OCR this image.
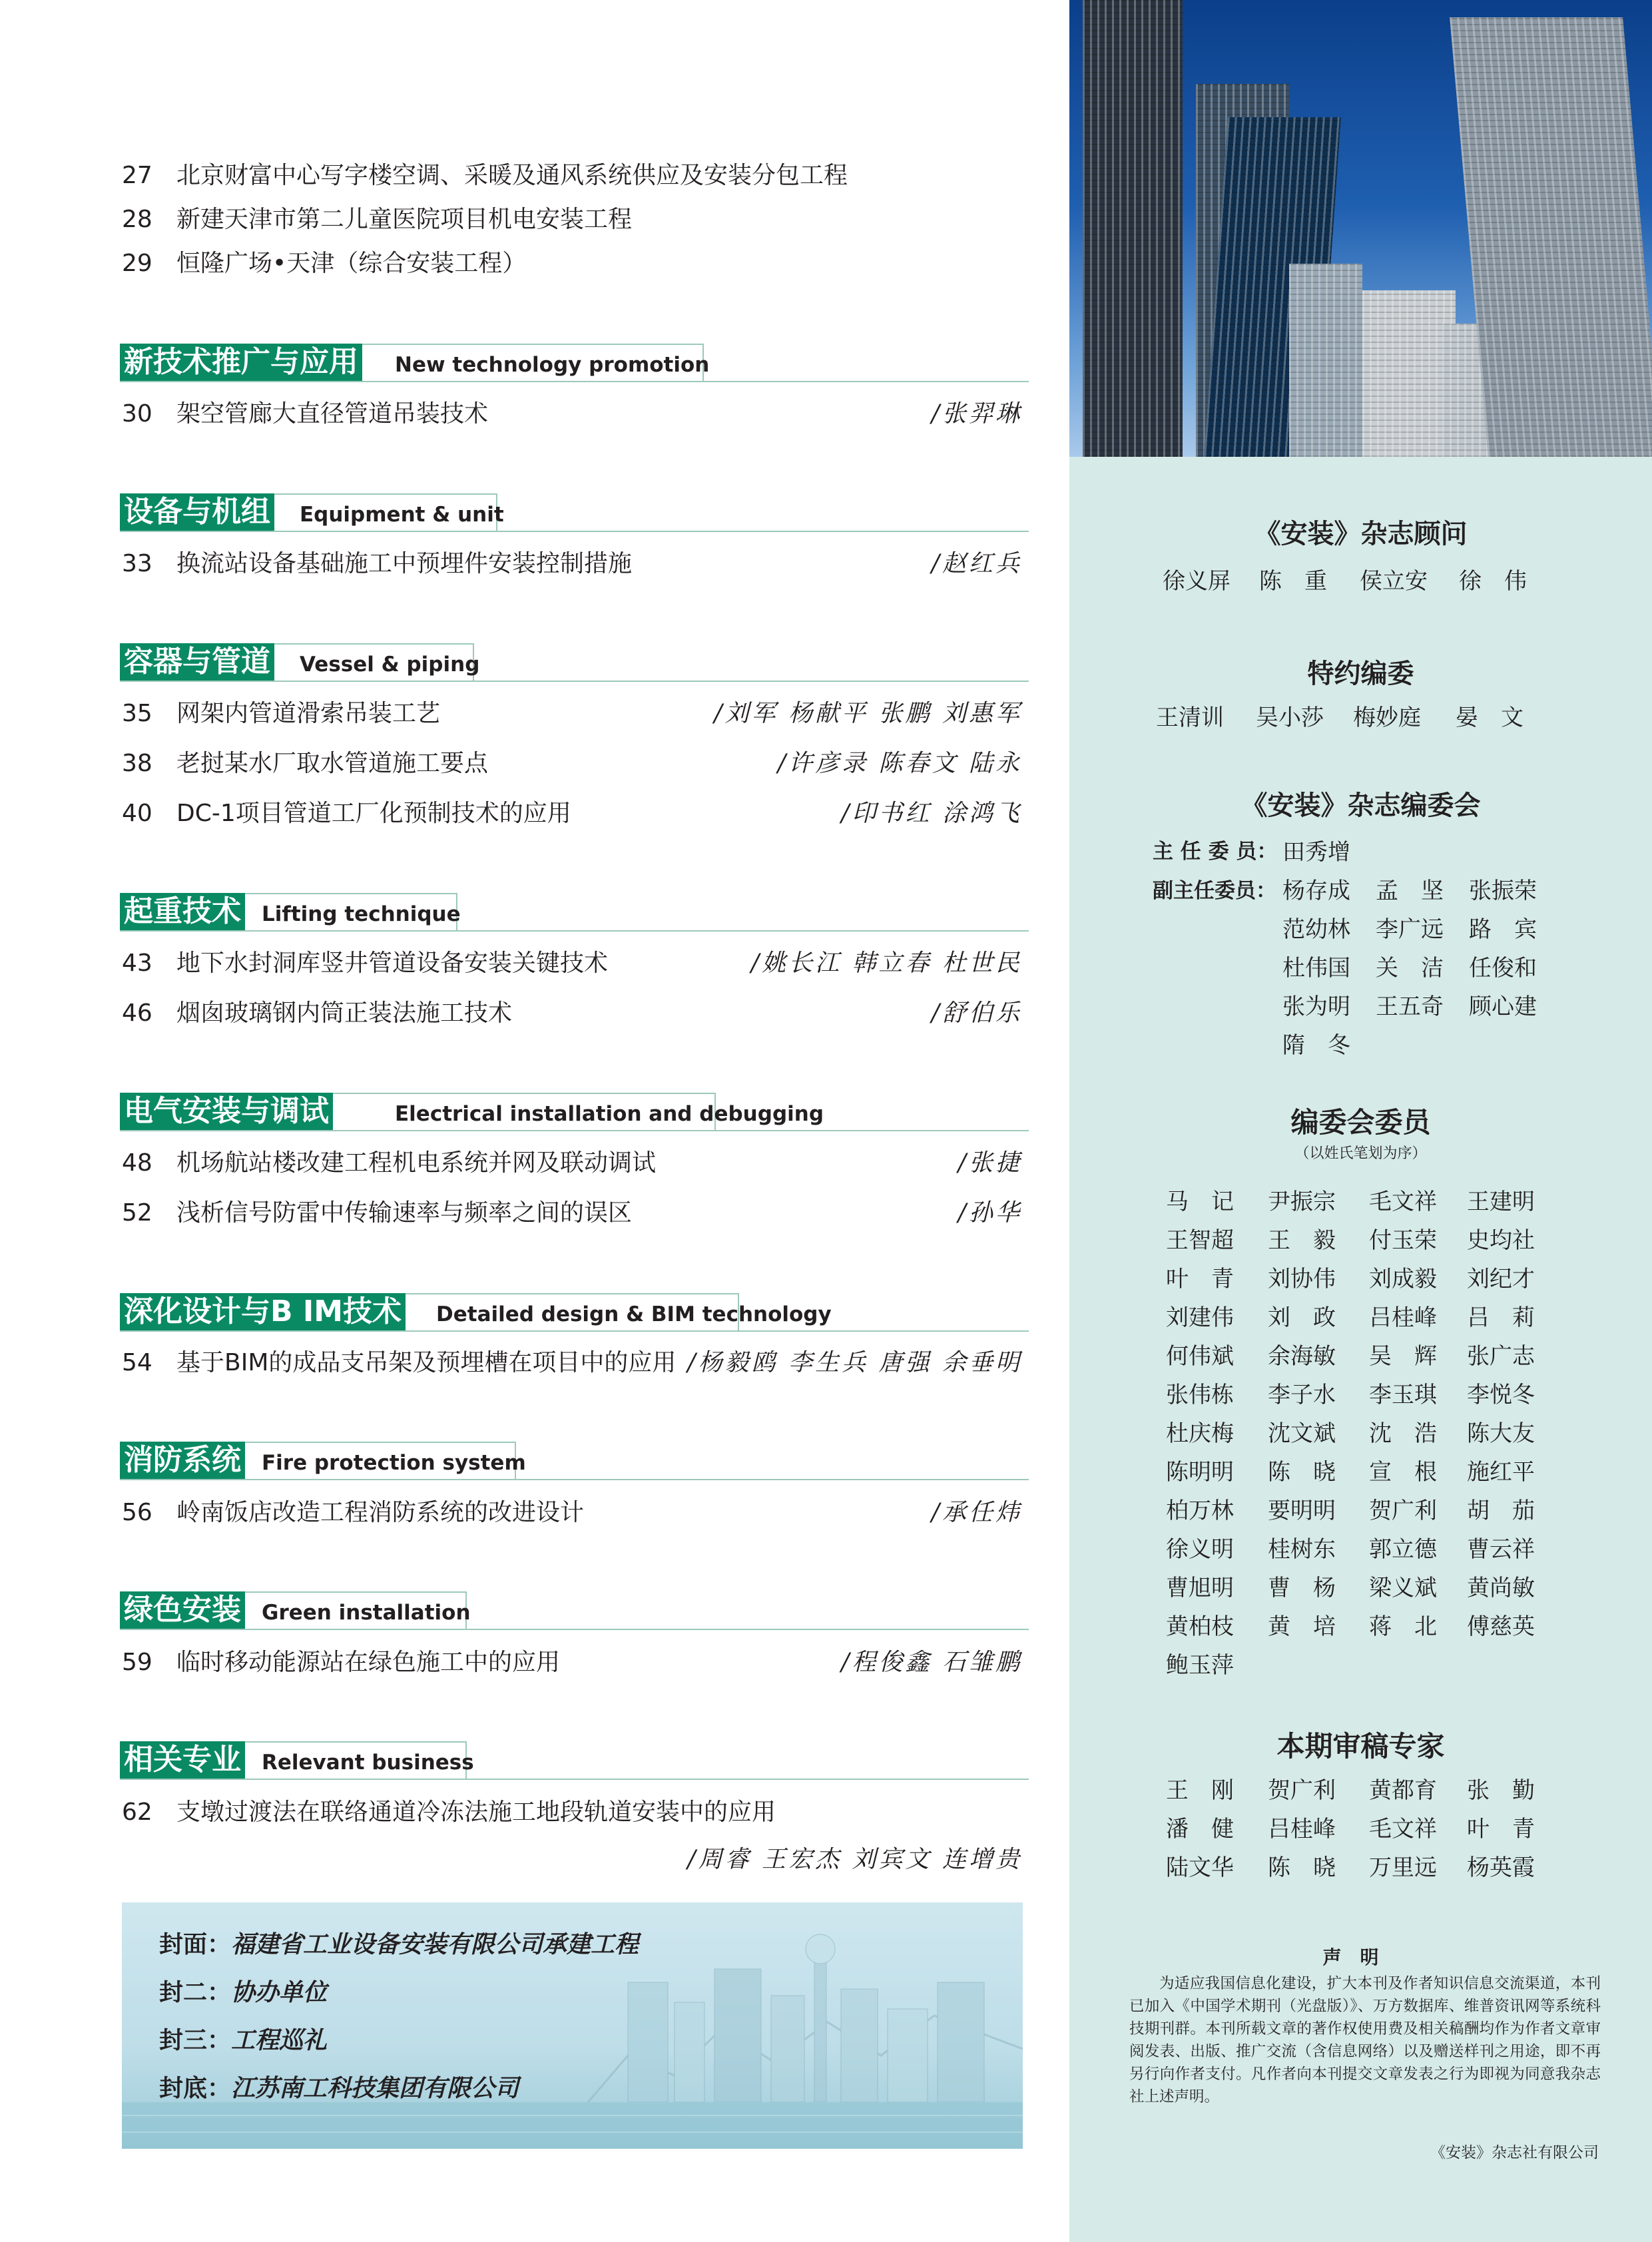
27 北京财富中心写字楼空调、采暖及通风系统供应及安装分包工程
28 新建天津市第二儿童医院项目机电安装工程
29 恒隆广场•天津（综合安装工程）
新技术推广与应用 New technology promotion
30 架空管廊大直径管道吊装技术	/张羿琳
设备与机组 Equipment & unit
33 换流站设备基础施工中预埋件安装控制措施	/赵红兵
容器与管道 Vessel & piping
35 网架内管道滑索吊装工艺	/刘军 杨献平 张鹏 刘惠军
38 老挝某水厂取水管道施工要点	/许彦录 陈春文 陆永
40 DC-1项目管道工厂化预制技术的应用	/印书红 涂鸿飞
起重技术 Lifting technique
43 地下水封洞库竖井管道设备安装关键技术	/姚长江 韩立春 杜世民
46 烟囱玻璃钢内筒正装法施工技术	/舒伯乐
电气安装与调试	Electrical installation and debugging
48 机场航站楼改建工程机电系统并网及联动调试	/张捷
52 浅析信号防雷中传输速率与频率之间的误区	/孙华
深化设计与B IM技术 Detailed design & BIM technology
54 基于BIM的成品支吊架及预埋槽在项目中的应用 /杨毅鸥 李生兵 唐强 余垂明
消防系统 Fire protection system
56 岭南饭店改造工程消防系统的改进设计	/承任炜
绿色安装 Green installation
59 临时移动能源站在绿色施工中的应用	/程俊鑫 石雏鹏
相关专业 Relevant business
62 支墩过渡法在联络通道冷冻法施工地段轨道安装中的应用
/周睿 王宏杰 刘宾文 连增贵
封面：福建省工业设备安装有限公司承建工程
封二：协办单位
封三：工程巡礼
封底：江苏南工科技集团有限公司
《安装》杂志顾问
徐义屏 陈　重 侯立安 徐　伟
特约编委
王清训 吴小莎 梅妙庭 晏　文
《安装》杂志编委会
主 任 委 员： 田秀增
副主任委员： 杨存成 孟　坚 张振荣
范幼林 李广远 路　宾
杜伟国 关　洁 任俊和
张为明 王五奇 顾心建
隋　冬
编委会委员
（以姓氏笔划为序）
马　记 尹振宗 毛文祥 王建明
王智超 王　毅 付玉荣 史均社
叶　青 刘协伟 刘成毅 刘纪才
刘建伟 刘　政 吕桂峰 吕　莉
何伟斌 余海敏 吴　辉 张广志
张伟栋 李子水 李玉琪 李悦冬
杜庆梅 沈文斌 沈　浩 陈大友
陈明明 陈　晓 宣　根 施红平
柏万林 要明明 贺广利 胡　茄
徐义明 桂树东 郭立德 曹云祥
曹旭明 曹　杨 梁义斌 黄尚敏
黄柏枝 黄　培 蒋　北 傅慈英
鲍玉萍
本期审稿专家
王　刚 贺广利 黄都育 张　勤
潘　健 吕桂峰 毛文祥 叶　青
陆文华 陈　晓 万里远 杨英霞
声　明
为适应我国信息化建设，扩大本刊及作者知识信息交流渠道，本刊已加入《中国学术期刊（光盘版）》、万方数据库、维普资讯网等系统科技期刊群。本刊所载文章的著作权使用费及相关稿酬均作为作者文章审阅发表、出版、推广交流（含信息网络）以及赠送样刊之用途，即不再另行向作者支付。凡作者向本刊提交文章发表之行为即视为同意我杂志社上述声明。
《安装》杂志社有限公司
